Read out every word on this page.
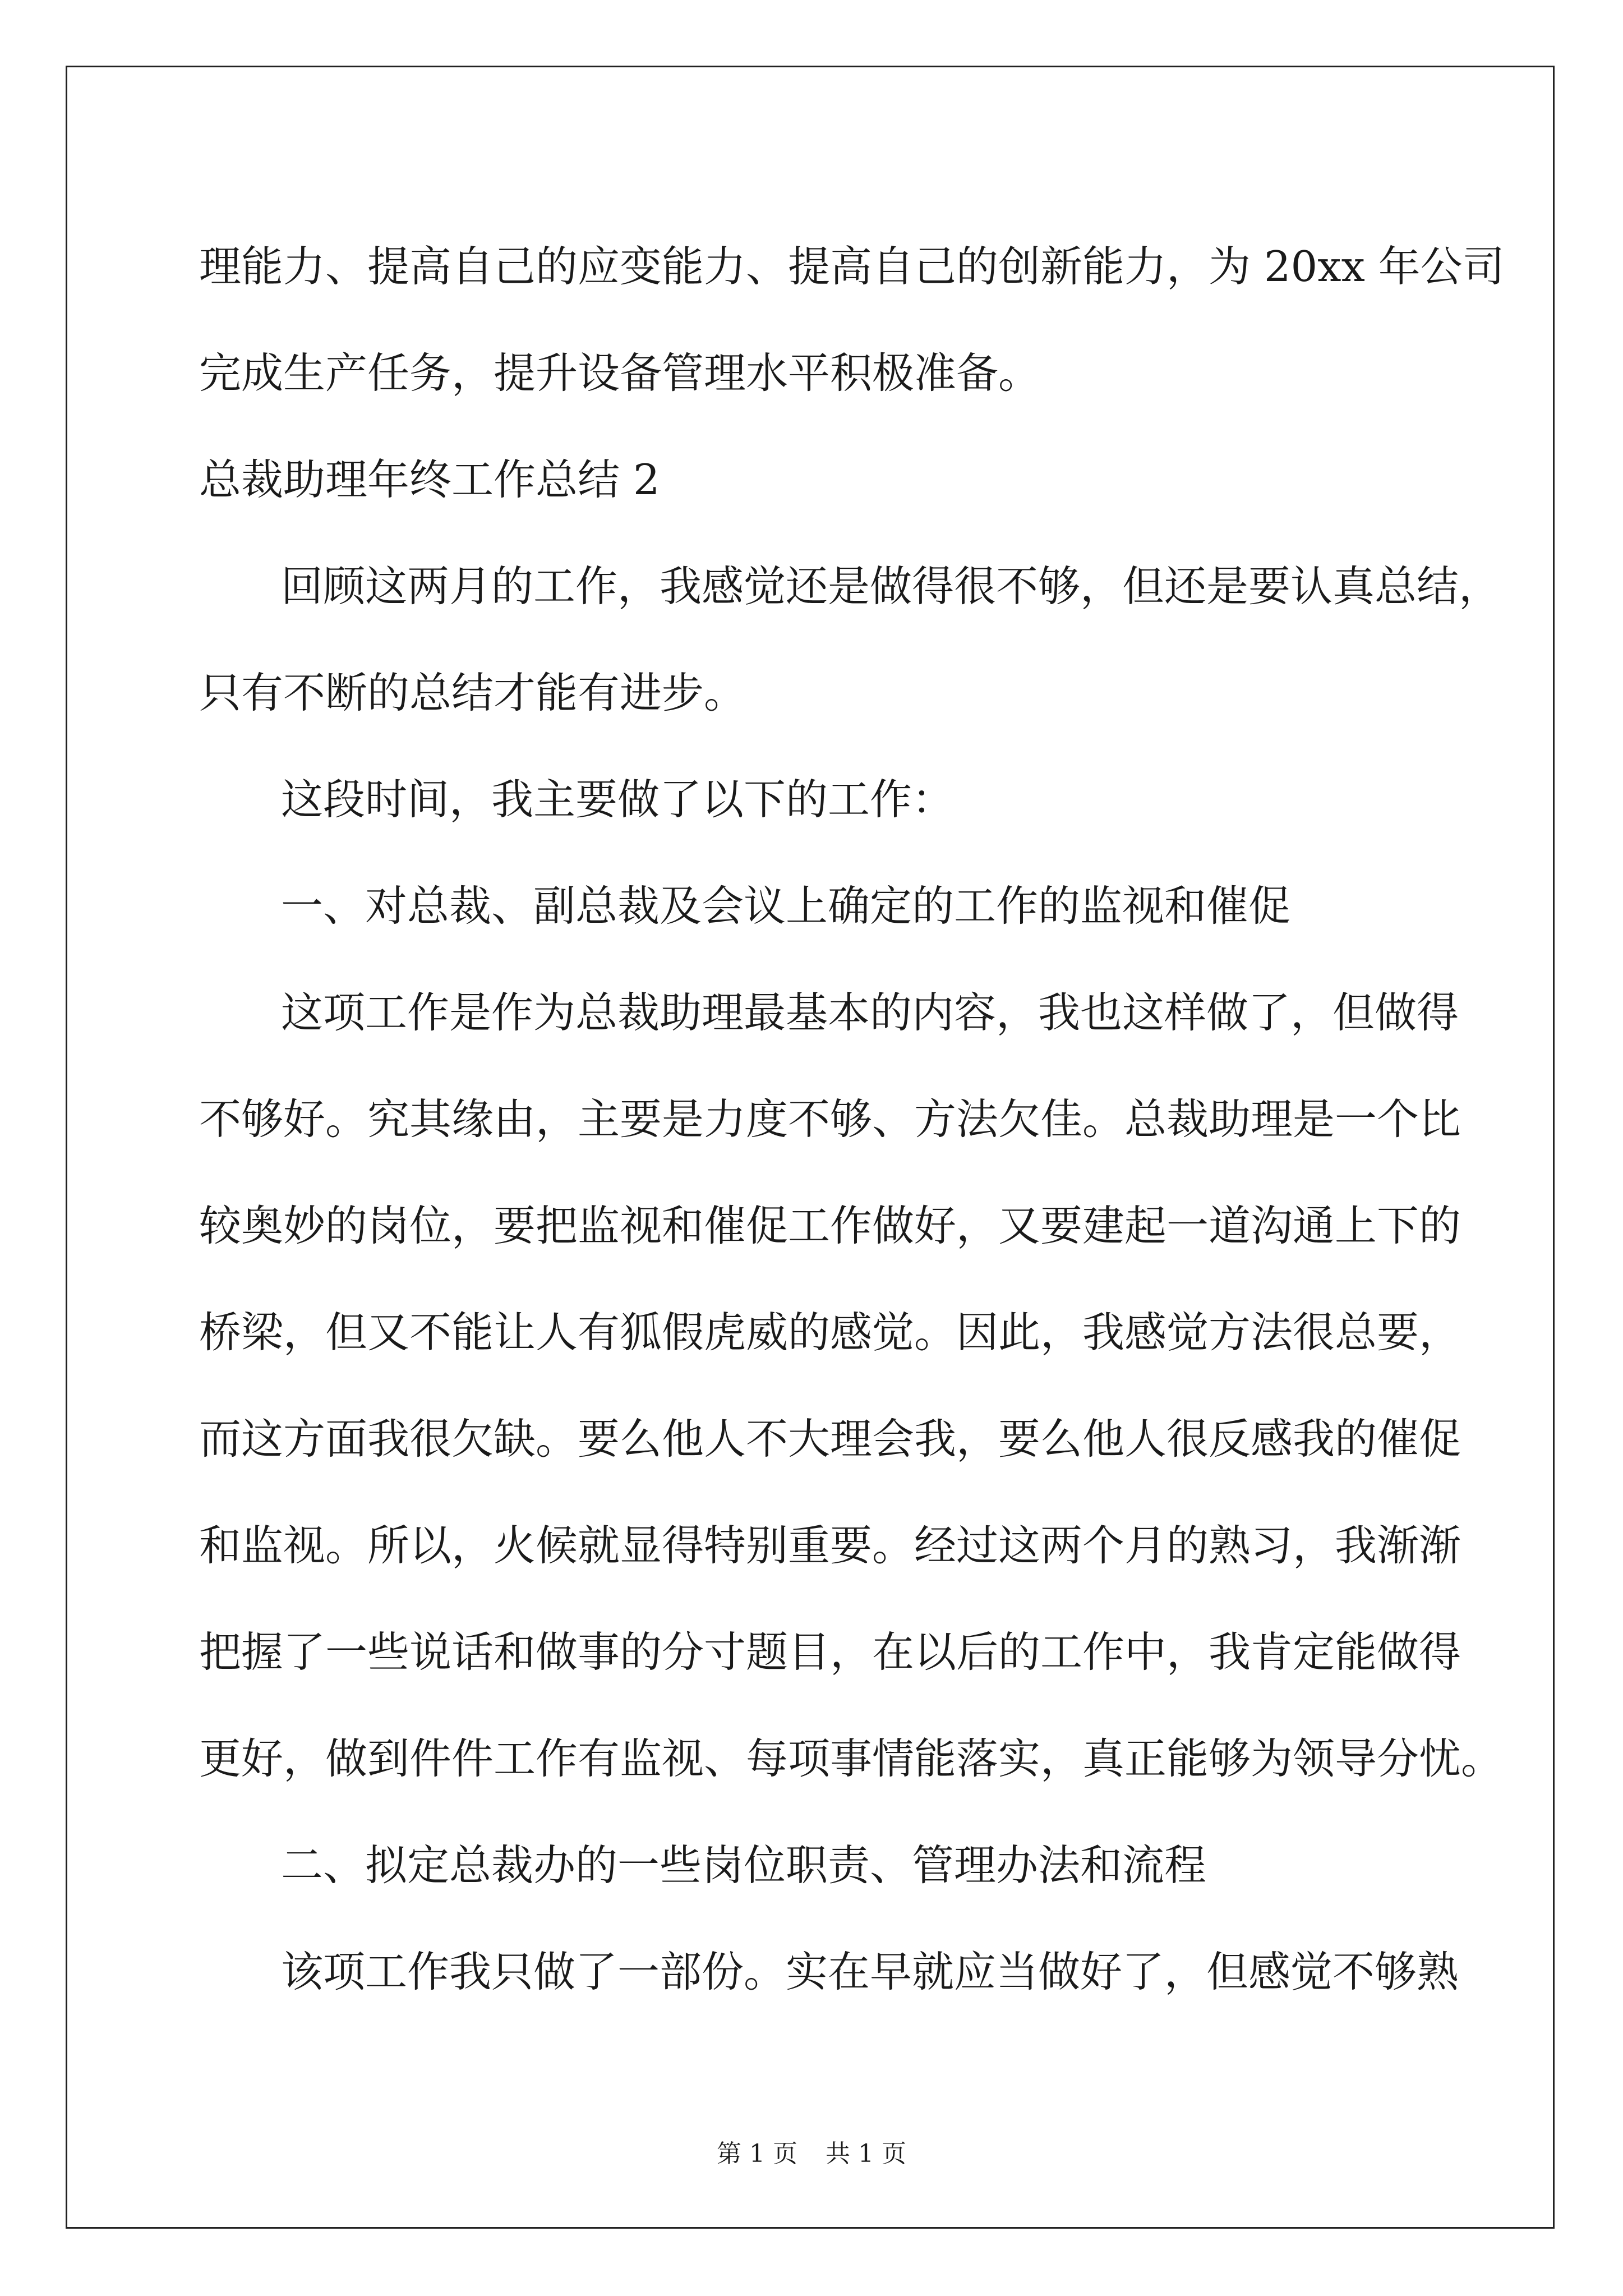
理能力、提高自己的应变能力、提高自己的创新能力，为 20xx 年公司
完成生产任务，提升设备管理水平积极准备。
总裁助理年终工作总结 2
回顾这两月的工作，我感觉还是做得很不够，但还是要认真总结，
只有不断的总结才能有进步。
这段时间，我主要做了以下的工作：
一、对总裁、副总裁及会议上确定的工作的监视和催促
这项工作是作为总裁助理最基本的内容，我也这样做了，但做得
不够好。究其缘由，主要是力度不够、方法欠佳。总裁助理是一个比
较奥妙的岗位，要把监视和催促工作做好，又要建起一道沟通上下的
桥梁，但又不能让人有狐假虎威的感觉。因此，我感觉方法很总要，
而这方面我很欠缺。要么他人不大理会我，要么他人很反感我的催促
和监视。所以，火候就显得特别重要。经过这两个月的熟习，我渐渐
把握了一些说话和做事的分寸题目，在以后的工作中，我肯定能做得
更好，做到件件工作有监视、每项事情能落实，真正能够为领导分忧。
二、拟定总裁办的一些岗位职责、管理办法和流程
该项工作我只做了一部份。实在早就应当做好了，但感觉不够熟
第 1 页 共 1 页
